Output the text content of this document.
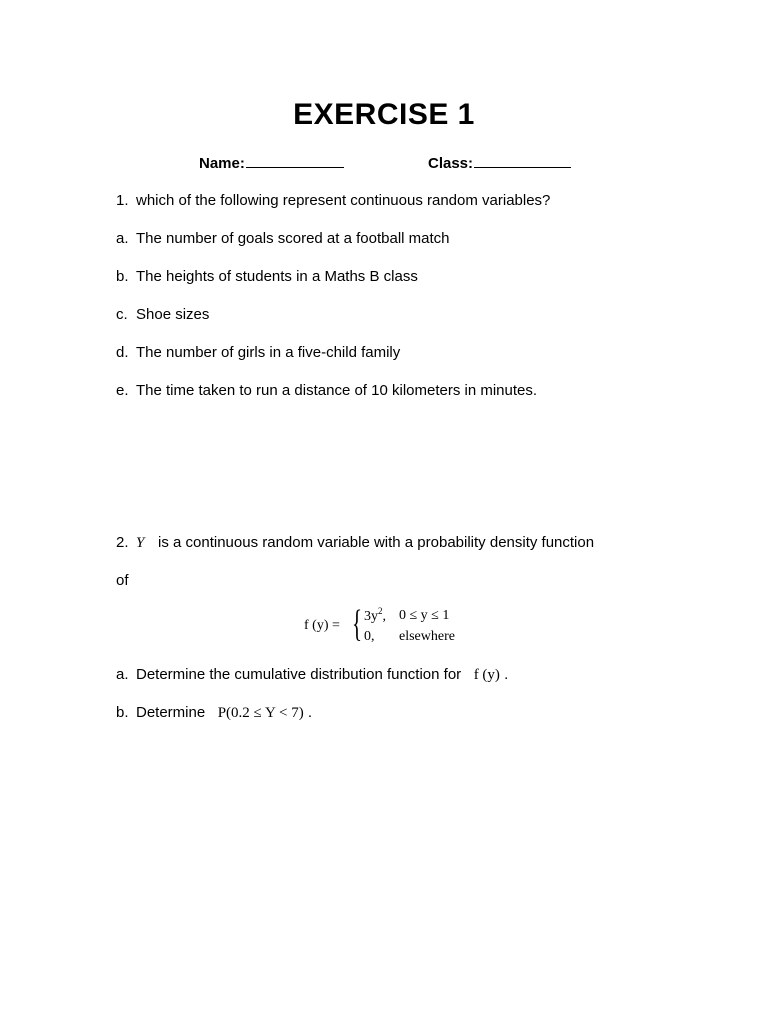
EXERCISE 1
Name:	Class:
1. which of the following represent continuous random variables?
a. The number of goals scored at a football match
b. The heights of students in a Maths B class
c. Shoe sizes
d. The number of girls in a five-child family
e. The time taken to run a distance of 10 kilometers in minutes.
2. Y is a continuous random variable with a probability density function
of
f (y) = { $3y^2$, 0 ≤ y ≤ 1
0, elsewhere
a. Determine the cumulative distribution function for f (y) .
b. Determine P(0.2 ≤ Y < 7) .
